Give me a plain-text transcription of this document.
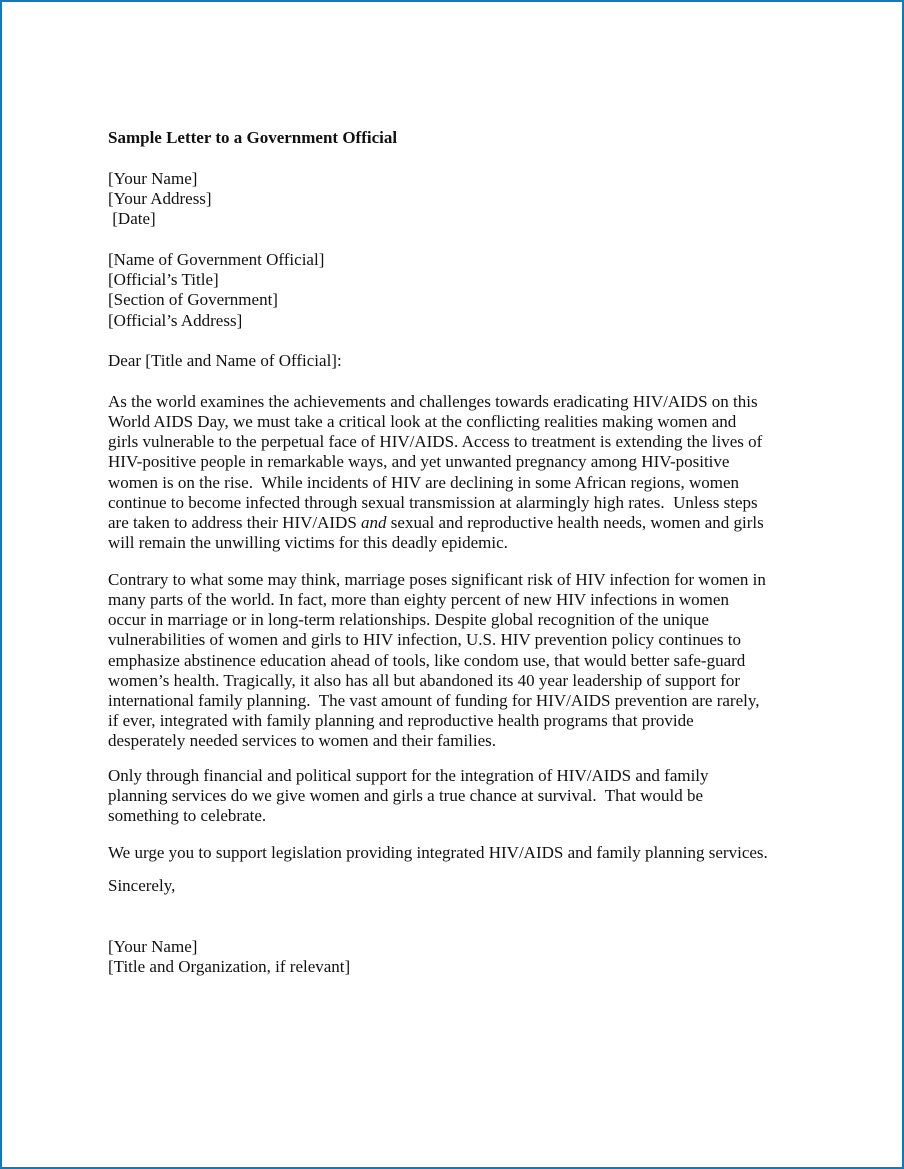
Sample Letter to a Government Official
[Your Name]
[Your Address]
[Date]
[Name of Government Official]
[Official’s Title]
[Section of Government]
[Official’s Address]
Dear [Title and Name of Official]:
As the world examines the achievements and challenges towards eradicating HIV/AIDS on this
World AIDS Day, we must take a critical look at the conflicting realities making women and
girls vulnerable to the perpetual face of HIV/AIDS. Access to treatment is extending the lives of
HIV-positive people in remarkable ways, and yet unwanted pregnancy among HIV-positive
women is on the rise.  While incidents of HIV are declining in some African regions, women
continue to become infected through sexual transmission at alarmingly high rates.  Unless steps
are taken to address their HIV/AIDS and sexual and reproductive health needs, women and girls
will remain the unwilling victims for this deadly epidemic.
Contrary to what some may think, marriage poses significant risk of HIV infection for women in
many parts of the world. In fact, more than eighty percent of new HIV infections in women
occur in marriage or in long-term relationships. Despite global recognition of the unique
vulnerabilities of women and girls to HIV infection, U.S. HIV prevention policy continues to
emphasize abstinence education ahead of tools, like condom use, that would better safe-guard
women’s health. Tragically, it also has all but abandoned its 40 year leadership of support for
international family planning.  The vast amount of funding for HIV/AIDS prevention are rarely,
if ever, integrated with family planning and reproductive health programs that provide
desperately needed services to women and their families.
Only through financial and political support for the integration of HIV/AIDS and family
planning services do we give women and girls a true chance at survival.  That would be
something to celebrate.
We urge you to support legislation providing integrated HIV/AIDS and family planning services.
Sincerely,
[Your Name]
[Title and Organization, if relevant]
